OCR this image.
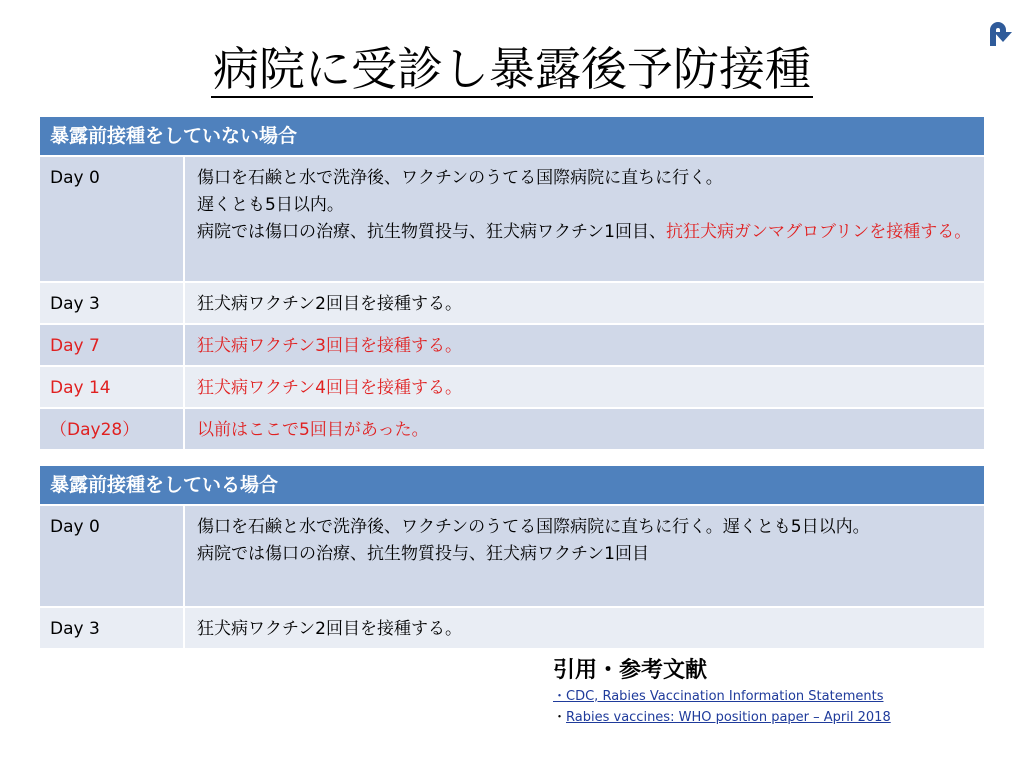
病院に受診し暴露後予防接種
暴露前接種をしていない場合
Day 0	傷口を石鹸と水で洗浄後、ワクチンのうてる国際病院に直ちに行く。
遅くとも5日以内。
病院では傷口の治療、抗生物質投与、狂犬病ワクチン1回目、抗狂犬病ガンマグロブリンを接種する。
Day 3	狂犬病ワクチン2回目を接種する。
Day 7	狂犬病ワクチン3回目を接種する。
Day 14	狂犬病ワクチン4回目を接種する。
（Day28）	以前はここで5回目があった。
暴露前接種をしている場合
Day 0	傷口を石鹸と水で洗浄後、ワクチンのうてる国際病院に直ちに行く。遅くとも5日以内。
病院では傷口の治療、抗生物質投与、狂犬病ワクチン1回目
Day 3	狂犬病ワクチン2回目を接種する。
引用・参考文献
・CDC, Rabies Vaccination Information Statements
・Rabies vaccines: WHO position paper – April 2018
